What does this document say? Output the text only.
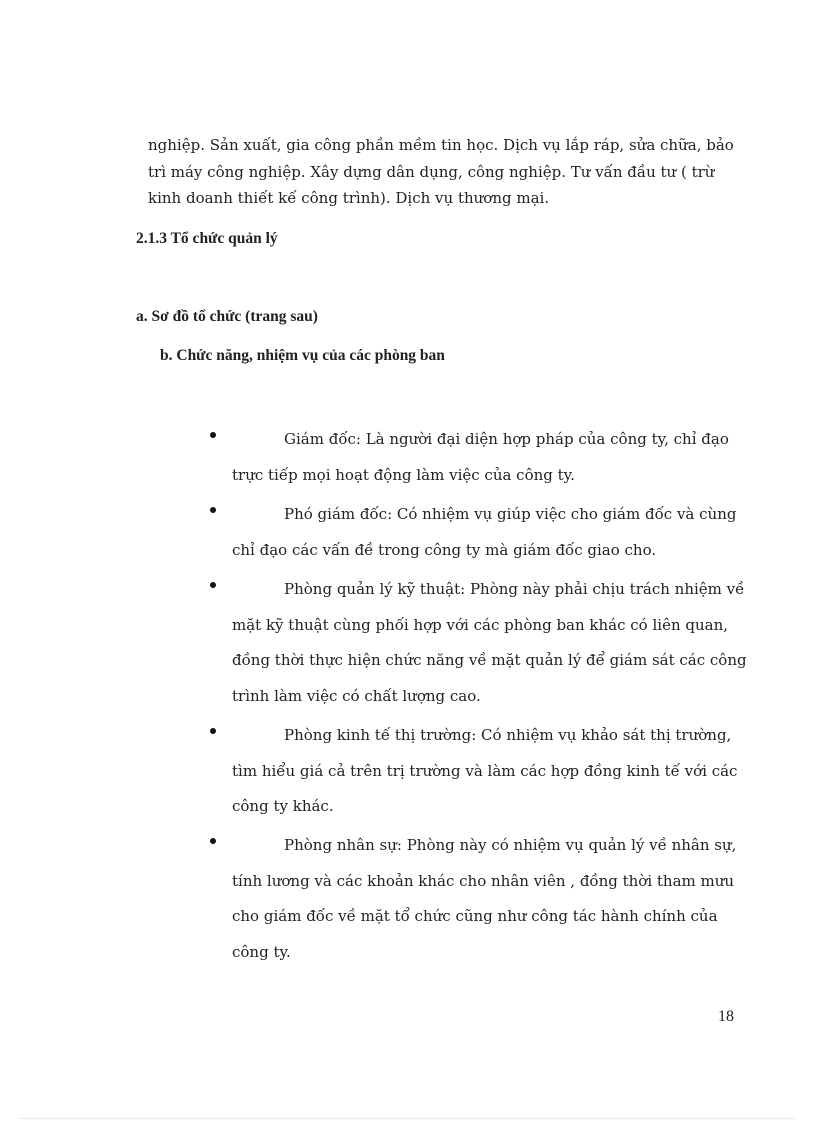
nghiệp. Sản xuất, gia công phần mềm tin học. Dịch vụ lắp ráp, sửa chữa, bảo
trì máy công nghiệp. Xây dựng dân dụng, công nghiệp. Tư vấn đầu tư ( trừ
kinh doanh thiết kế công trình). Dịch vụ thương mại.

2.1.3 Tổ chức quản lý
a. Sơ đồ tổ chức (trang sau)
b. Chức năng, nhiệm vụ của các phòng ban

Giám đốc: Là người đại diện hợp pháp của công ty, chỉ đạo
trực tiếp mọi hoạt động làm việc của công ty.

Phó giám đốc: Có nhiệm vụ giúp việc cho giám đốc và cùng
chỉ đạo các vấn đề trong công ty mà giám đốc giao cho.

Phòng quản lý kỹ thuật: Phòng này phải chịu trách nhiệm về
mặt kỹ thuật cùng phối hợp với các phòng ban khác có liên quan,
đồng thời thực hiện chức năng về mặt quản lý để giám sát các công
trình làm việc có chất lượng cao.

Phòng kinh tế thị trường: Có nhiệm vụ khảo sát thị trường,
tìm hiểu giá cả trên trị trường và làm các hợp đồng kinh tế với các
công ty khác.

Phòng nhân sự: Phòng này có nhiệm vụ quản lý về nhân sự,
tính lương và các khoản khác cho nhân viên , đồng thời tham mưu
cho giám đốc về mặt tổ chức cũng như công tác hành chính của
công ty.

18
